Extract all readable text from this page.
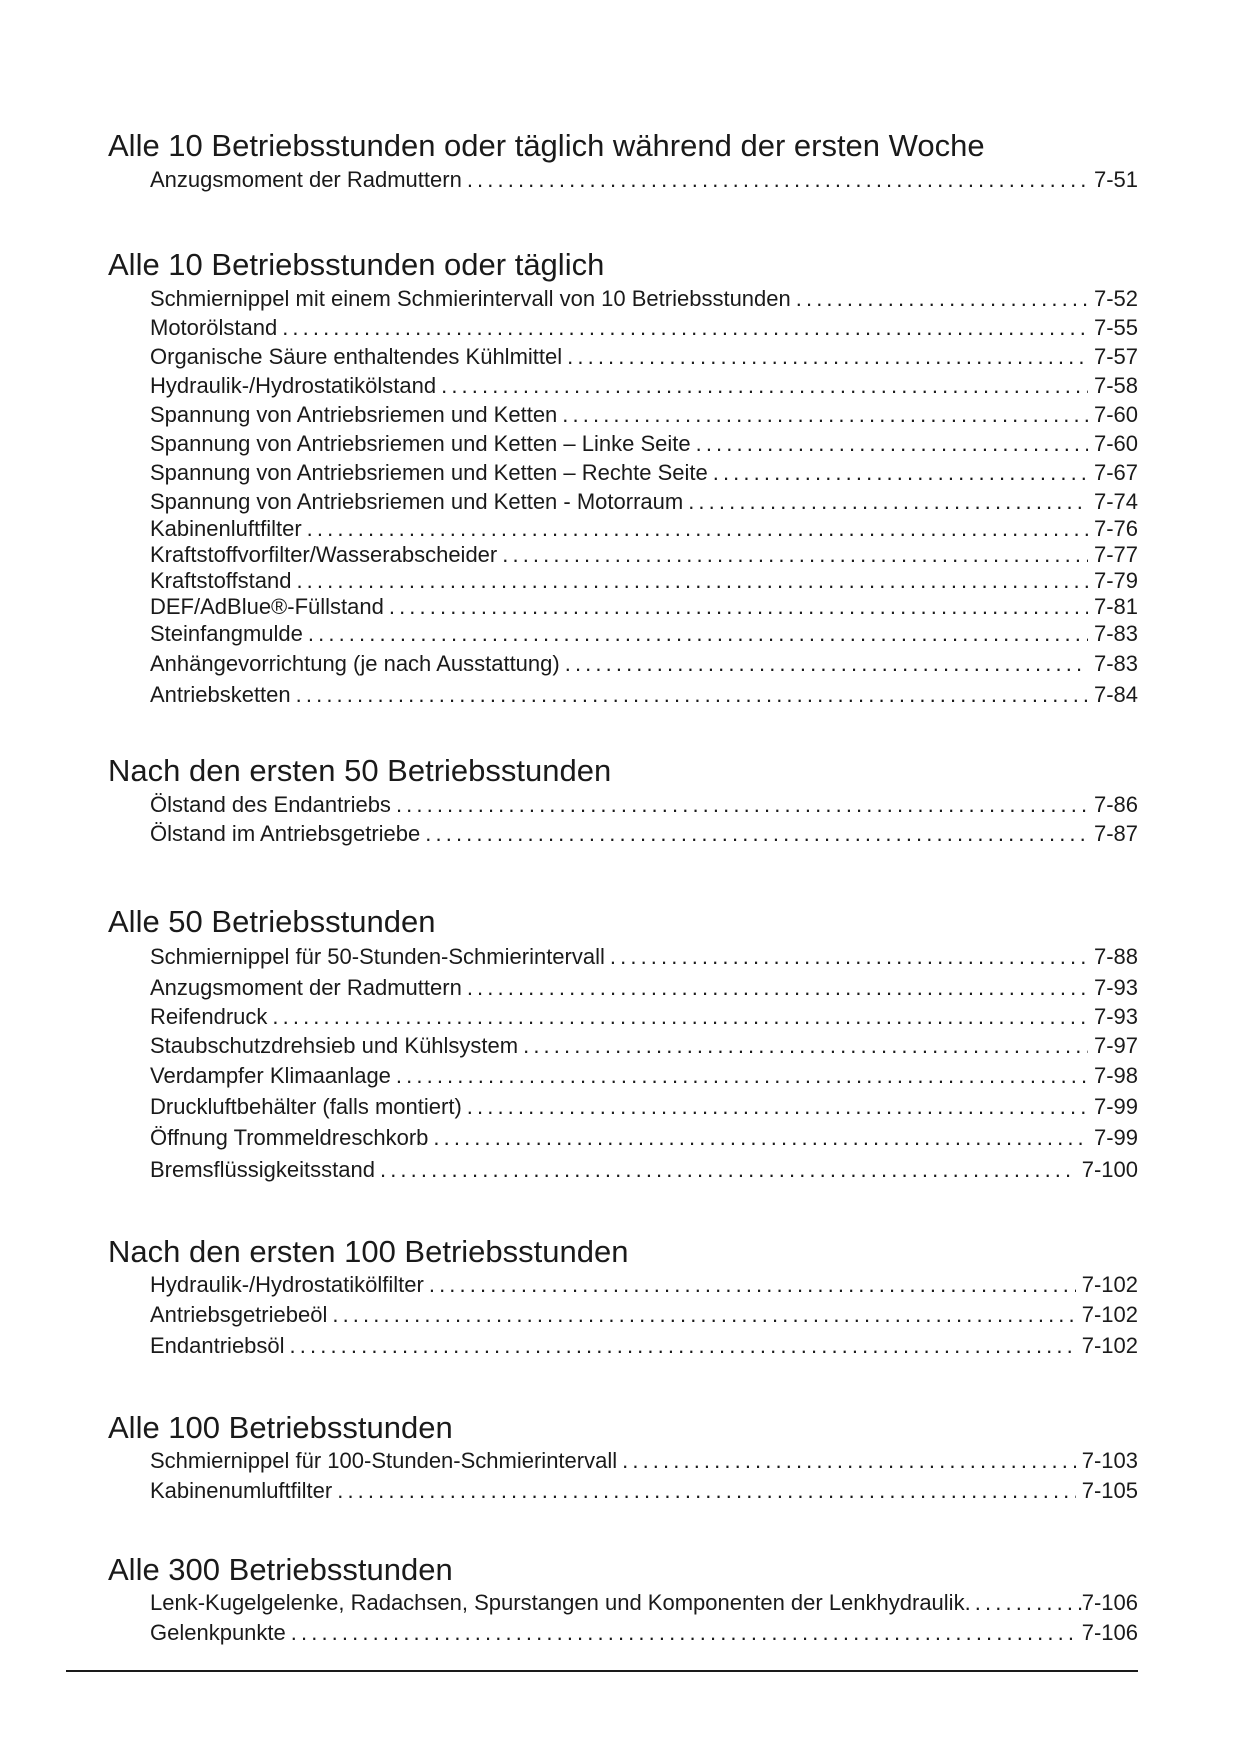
Alle 10 Betriebsstunden oder täglich während der ersten Woche
Anzugsmoment der Radmuttern . . .	7-51
Alle 10 Betriebsstunden oder täglich
Schmiernippel mit einem Schmierintervall von 10 Betriebsstunden . . .	7-52
Motorölstand . . .	7-55
Organische Säure enthaltendes Kühlmittel . . .	7-57
Hydraulik-/Hydrostatikölstand . . .	7-58
Spannung von Antriebsriemen und Ketten . . .	7-60
Spannung von Antriebsriemen und Ketten – Linke Seite . . .	7-60
Spannung von Antriebsriemen und Ketten – Rechte Seite . . .	7-67
Spannung von Antriebsriemen und Ketten - Motorraum . . .	7-74
Kabinenluftfilter . . .	7-76
Kraftstoffvorfilter/Wasserabscheider . . .	7-77
Kraftstoffstand . . .	7-79
DEF/AdBlue®-Füllstand . . .	7-81
Steinfangmulde . . .	7-83
Anhängevorrichtung (je nach Ausstattung) . . .	7-83
Antriebsketten . . .	7-84
Nach den ersten 50 Betriebsstunden
Ölstand des Endantriebs . . .	7-86
Ölstand im Antriebsgetriebe . . .	7-87
Alle 50 Betriebsstunden
Schmiernippel für 50-Stunden-Schmierintervall . . .	7-88
Anzugsmoment der Radmuttern . . .	7-93
Reifendruck . . .	7-93
Staubschutzdrehsieb und Kühlsystem . . .	7-97
Verdampfer Klimaanlage . . .	7-98
Druckluftbehälter (falls montiert) . . .	7-99
Öffnung Trommeldreschkorb . . .	7-99
Bremsflüssigkeitsstand . . .	7-100
Nach den ersten 100 Betriebsstunden
Hydraulik-/Hydrostatikölfilter . . .	7-102
Antriebsgetriebeöl . . .	7-102
Endantriebsöl . . .	7-102
Alle 100 Betriebsstunden
Schmiernippel für 100-Stunden-Schmierintervall . . .	7-103
Kabinenumluftfilter . . .	7-105
Alle 300 Betriebsstunden
Lenk-Kugelgelenke, Radachsen, Spurstangen und Komponenten der Lenkhydraulik . . .	7-106
Gelenkpunkte . . .	7-106
